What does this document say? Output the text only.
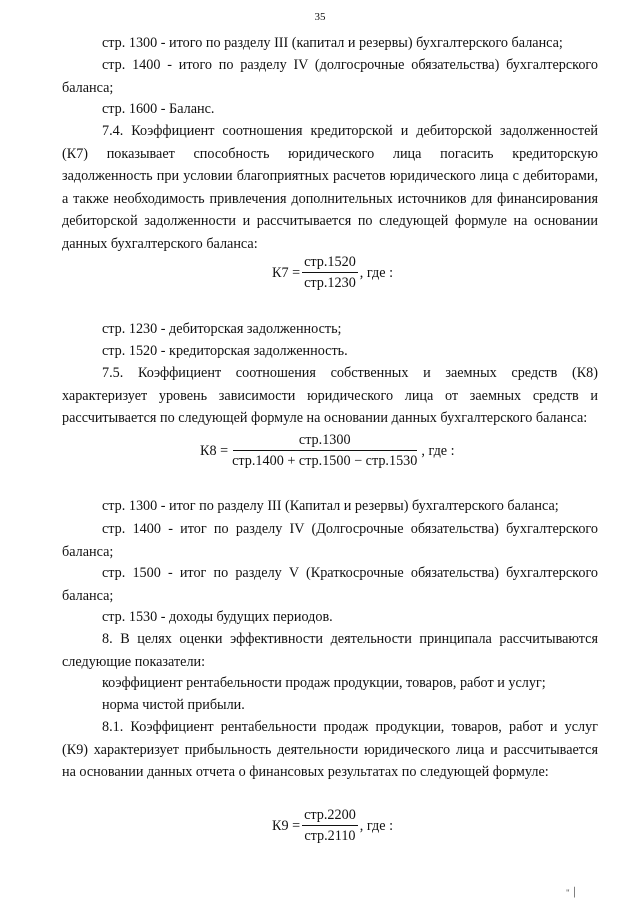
35

стр. 1300 - итого по разделу III (капитал и резервы) бухгалтерского баланса;

стр. 1400 - итого по разделу IV (долгосрочные обязательства) бухгалтерского баланса;

стр. 1600 - Баланс.

7.4. Коэффициент соотношения кредиторской и дебиторской задолженностей (К7) показывает способность юридического лица погасить кредиторскую задолженность при условии благоприятных расчетов юридического лица с дебиторами, а также необходимость привлечения дополнительных источников для финансирования дебиторской задолженности и рассчитывается по следующей формуле на основании данных бухгалтерского баланса:

$К7 = \frac{\text{стр.1520}}{\text{стр.1230}}$ , где :

стр. 1230 - дебиторская задолженность;

стр. 1520 - кредиторская задолженность.

7.5. Коэффициент соотношения собственных и заемных средств (К8) характеризует уровень зависимости юридического лица от заемных средств и рассчитывается по следующей формуле на основании данных бухгалтерского баланса:

$К8 = \frac{\text{стр.1300}}{\text{стр.1400 + стр.1500 − стр.1530}}$ , где :

стр. 1300 - итог по разделу III (Капитал и резервы) бухгалтерского баланса;

стр. 1400 - итог по разделу IV (Долгосрочные обязательства) бухгалтерского баланса;

стр. 1500 - итог по разделу V (Краткосрочные обязательства) бухгалтерского баланса;

стр. 1530 - доходы будущих периодов.

8. В целях оценки эффективности деятельности принципала рассчитываются следующие показатели:

коэффициент рентабельности продаж продукции, товаров, работ и услуг;

норма чистой прибыли.

8.1. Коэффициент рентабельности продаж продукции, товаров, работ и услуг (К9) характеризует прибыльность деятельности юридического лица и рассчитывается на основании данных отчета о финансовых результатах по следующей формуле:

$К9 = \frac{\text{стр.2200}}{\text{стр.2110}}$ , где :
" ׀
